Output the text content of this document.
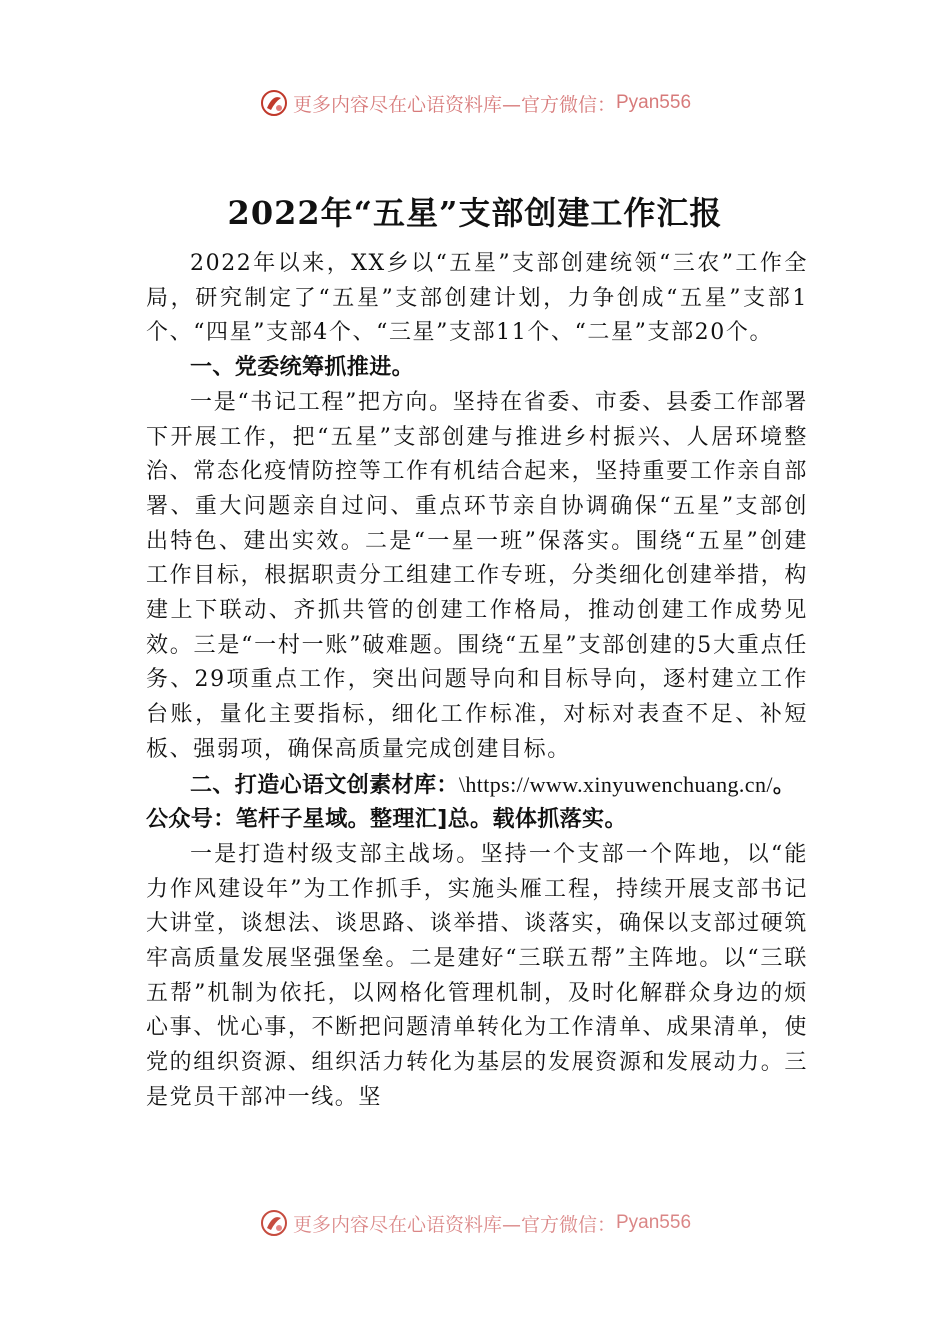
更多内容尽在心语资料库—官方微信： Pyan556
2022年“五星”支部创建工作汇报

2022年以来，XX乡以“五星”支部创建统领“三农”工作全局，研究制定了“五星”支部创建计划，力争创成“五星”支部1个、“四星”支部4个、“三星”支部11个、“二星”支部20个。

一、党委统筹抓推进。

一是“书记工程”把方向。坚持在省委、市委、县委工作部署下开展工作，把“五星”支部创建与推进乡村振兴、人居环境整治、常态化疫情防控等工作有机结合起来，坚持重要工作亲自部署、重大问题亲自过问、重点环节亲自协调确保“五星”支部创出特色、建出实效。二是“一星一班”保落实。围绕“五星”创建工作目标，根据职责分工组建工作专班，分类细化创建举措，构建上下联动、齐抓共管的创建工作格局，推动创建工作成势见效。三是“一村一账”破难题。围绕“五星”支部创建的5大重点任务、29项重点工作，突出问题导向和目标导向，逐村建立工作台账，量化主要指标，细化工作标准，对标对表查不足、补短板、强弱项，确保高质量完成创建目标。

二、打造心语文创素材库：\https://www.xinyuwenchuang.cn/。公众号：笔杆子星域。整理汇]总。载体抓落实。

一是打造村级支部主战场。坚持一个支部一个阵地，以“能力作风建设年”为工作抓手，实施头雁工程，持续开展支部书记大讲堂，谈想法、谈思路、谈举措、谈落实，确保以支部过硬筑牢高质量发展坚强堡垒。二是建好“三联五帮”主阵地。以“三联五帮”机制为依托，以网格化管理机制，及时化解群众身边的烦心事、忧心事，不断把问题清单转化为工作清单、成果清单，使党的组织资源、组织活力转化为基层的发展资源和发展动力。三是党员干部冲一线。坚

更多内容尽在心语资料库—官方微信： Pyan556
